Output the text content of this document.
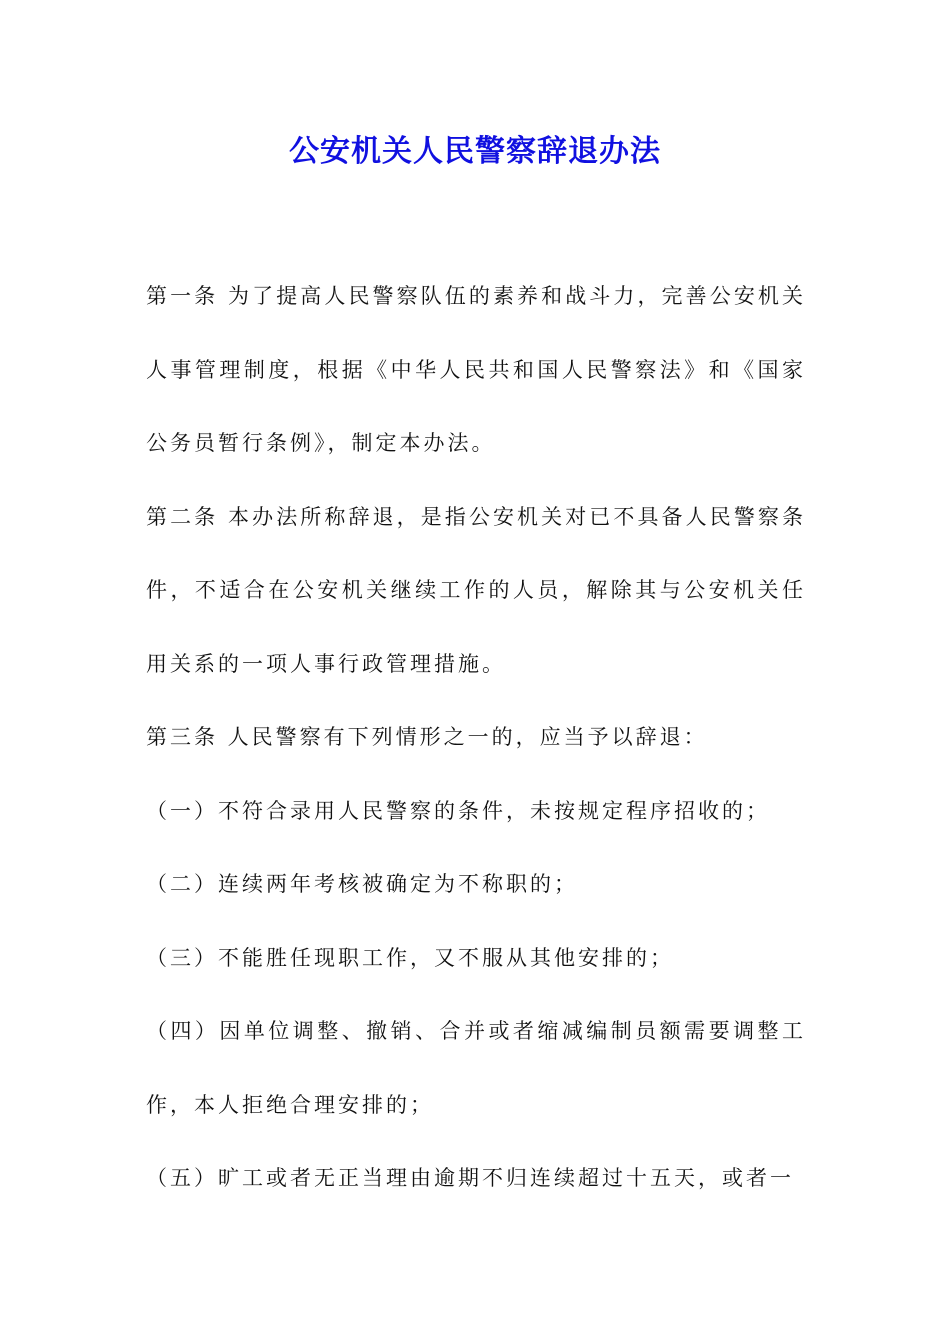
公安机关人民警察辞退办法

第一条 为了提高人民警察队伍的素养和战斗力，完善公安机关人事管理制度，根据《中华人民共和国人民警察法》和《国家公务员暂行条例》，制定本办法。

第二条 本办法所称辞退，是指公安机关对已不具备人民警察条件，不适合在公安机关继续工作的人员，解除其与公安机关任用关系的一项人事行政管理措施。

第三条 人民警察有下列情形之一的，应当予以辞退：

（一）不符合录用人民警察的条件，未按规定程序招收的；

（二）连续两年考核被确定为不称职的；

（三）不能胜任现职工作，又不服从其他安排的；

（四）因单位调整、撤销、合并或者缩减编制员额需要调整工作，本人拒绝合理安排的；

（五）旷工或者无正当理由逾期不归连续超过十五天，或者一
